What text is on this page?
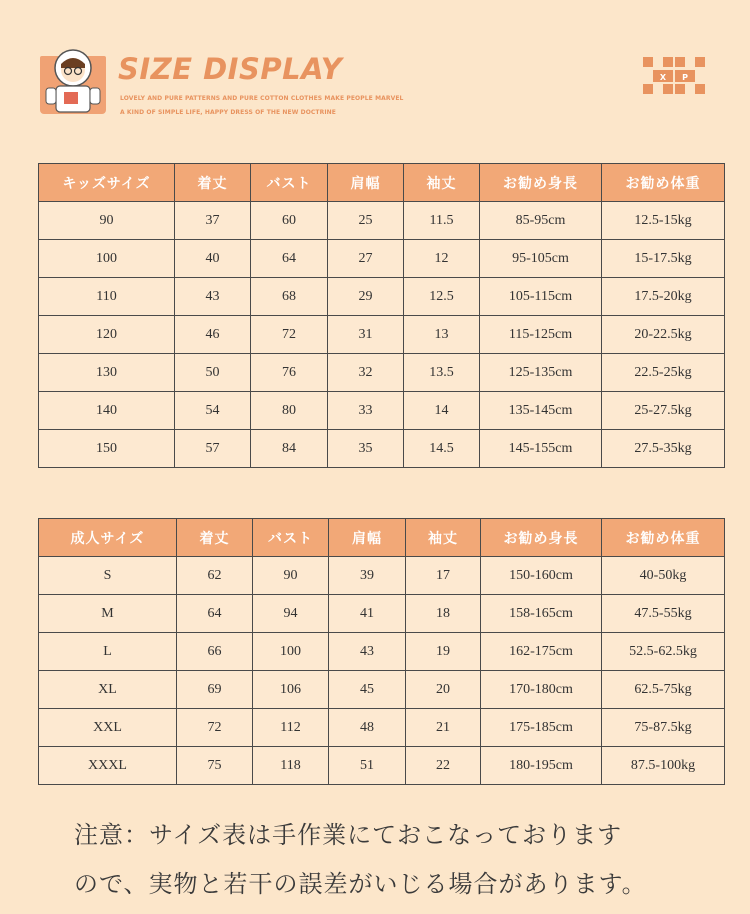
SIZE DISPLAY
LOVELY AND PURE PATTERNS AND PURE COTTON CLOTHES MAKE PEOPLE MARVEL
A KIND OF SIMPLE LIFE, HAPPY DRESS OF THE NEW DOCTRINE
X P
キッズサイズ	着丈	バスト	肩幅	袖丈	お勧め身長	お勧め体重
90	37	60	25	11.5	85-95cm	12.5-15kg
100	40	64	27	12	95-105cm	15-17.5kg
110	43	68	29	12.5	105-115cm	17.5-20kg
120	46	72	31	13	115-125cm	20-22.5kg
130	50	76	32	13.5	125-135cm	22.5-25kg
140	54	80	33	14	135-145cm	25-27.5kg
150	57	84	35	14.5	145-155cm	27.5-35kg
成人サイズ	着丈	バスト	肩幅	袖丈	お勧め身長	お勧め体重
S	62	90	39	17	150-160cm	40-50kg
M	64	94	41	18	158-165cm	47.5-55kg
L	66	100	43	19	162-175cm	52.5-62.5kg
XL	69	106	45	20	170-180cm	62.5-75kg
XXL	72	112	48	21	175-185cm	75-87.5kg
XXXL	75	118	51	22	180-195cm	87.5-100kg
注意：サイズ表は手作業にておこなっております
ので、実物と若干の誤差がいじる場合があります。
